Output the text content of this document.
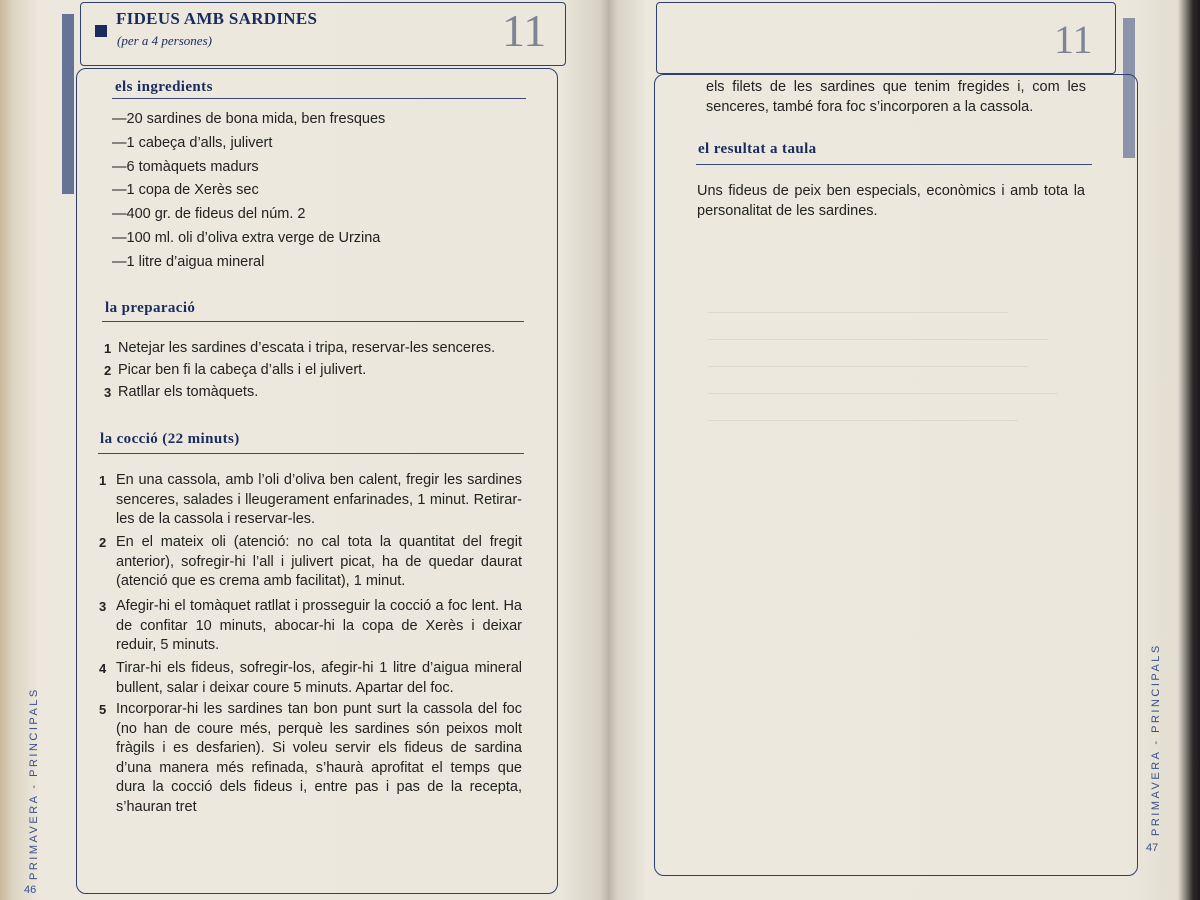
FIDEUS AMB SARDINES
(per a 4 persones)	11
els ingredients
—20 sardines de bona mida, ben fresques
—1 cabeça d’alls, julivert
—6 tomàquets madurs
—1 copa de Xerès sec
—400 gr. de fideus del núm. 2
—100 ml. oli d’oliva extra verge de Urzina
—1 litre d’aigua mineral
la preparació
1 Netejar les sardines d’escata i tripa, reservar-les senceres.
2 Picar ben fi la cabeça d’alls i el julivert.
3 Ratllar els tomàquets.
la cocció (22 minuts)
1 En una cassola, amb l’oli d’oliva ben calent, fregir les sardines senceres, salades i lleugerament enfarinades, 1 minut. Retirar-les de la cassola i reservar-les.
2 En el mateix oli (atenció: no cal tota la quantitat del fregit anterior), sofregir-hi l’all i julivert picat, ha de quedar daurat (atenció que es crema amb facilitat), 1 minut.
3 Afegir-hi el tomàquet ratllat i prosseguir la cocció a foc lent. Ha de confitar 10 minuts, abocar-hi la copa de Xerès i deixar reduir, 5 minuts.
4 Tirar-hi els fideus, sofregir-los, afegir-hi 1 litre d’aigua mineral bullent, salar i deixar coure 5 minuts. Apartar del foc.
5 Incorporar-hi les sardines tan bon punt surt la cassola del foc (no han de coure més, perquè les sardines són peixos molt fràgils i es desfarien). Si voleu servir els fideus de sardina d’una manera més refinada, s’haurà aprofitat el temps que dura la cocció dels fideus i, entre pas i pas de la recepta, s’hauran tret
PRIMAVERA - PRINCIPALS
46
11
els filets de les sardines que tenim fregides i, com les senceres, també fora foc s’incorporen a la cassola.
el resultat a taula
Uns fideus de peix ben especials, econòmics i amb tota la personalitat de les sardines.
PRIMAVERA - PRINCIPALS
47
